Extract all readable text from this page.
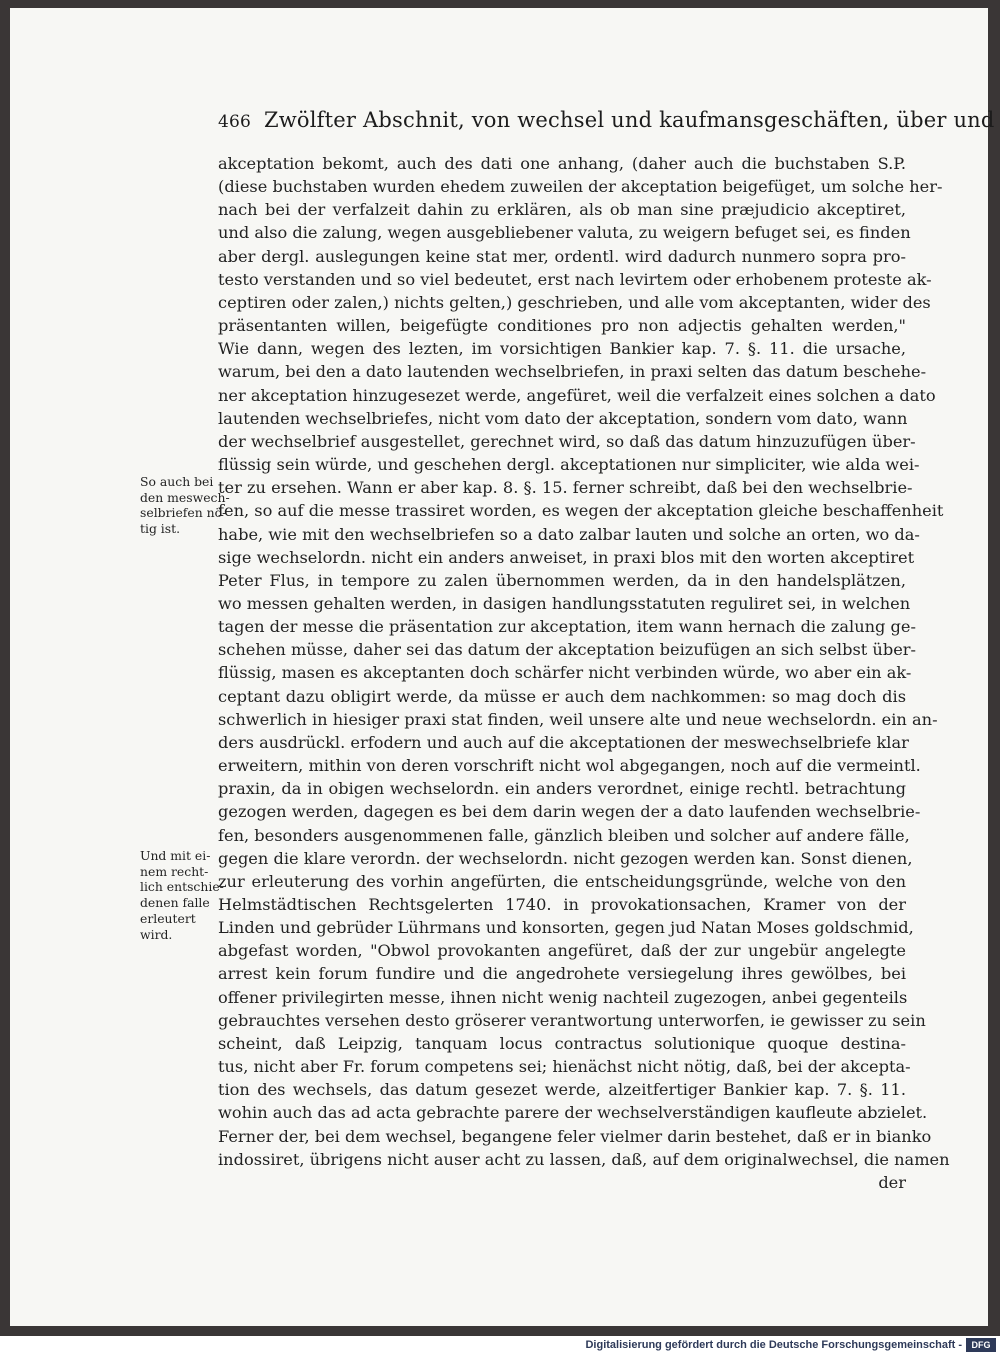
466 Zwölfter Abschnit, von wechsel und kaufmansgeschäften, über und
akceptation bekomt, auch des dati one anhang, (daher auch die buchstaben S.P.
(diese buchstaben wurden ehedem zuweilen der akceptation beigefüget, um solche her-
nach bei der verfalzeit dahin zu erklären, als ob man sine præjudicio akceptiret,
und also die zalung, wegen ausgebliebener valuta, zu weigern befuget sei, es finden
aber dergl. auslegungen keine stat mer, ordentl. wird dadurch nunmero sopra pro-
testo verstanden und so viel bedeutet, erst nach levirtem oder erhobenem proteste ak-
ceptiren oder zalen,) nichts gelten,) geschrieben, und alle vom akceptanten, wider des
präsentanten willen, beigefügte conditiones pro non adjectis gehalten werden,"
Wie dann, wegen des lezten, im vorsichtigen Bankier kap. 7. §. 11. die ursache,
warum, bei den a dato lautenden wechselbriefen, in praxi selten das datum beschehe-
ner akceptation hinzugesezet werde, angefüret, weil die verfalzeit eines solchen a dato
lautenden wechselbriefes, nicht vom dato der akceptation, sondern vom dato, wann
der wechselbrief ausgestellet, gerechnet wird, so daß das datum hinzuzufügen über-
flüssig sein würde, und geschehen dergl. akceptationen nur simpliciter, wie alda wei-
ter zu ersehen. Wann er aber kap. 8. §. 15. ferner schreibt, daß bei den wechselbrie-
fen, so auf die messe trassiret worden, es wegen der akceptation gleiche beschaffenheit
habe, wie mit den wechselbriefen so a dato zalbar lauten und solche an orten, wo da-
sige wechselordn. nicht ein anders anweiset, in praxi blos mit den worten akceptiret
Peter Flus, in tempore zu zalen übernommen werden, da in den handelsplätzen,
wo messen gehalten werden, in dasigen handlungsstatuten reguliret sei, in welchen
tagen der messe die präsentation zur akceptation, item wann hernach die zalung ge-
schehen müsse, daher sei das datum der akceptation beizufügen an sich selbst über-
flüssig, masen es akceptanten doch schärfer nicht verbinden würde, wo aber ein ak-
ceptant dazu obligirt werde, da müsse er auch dem nachkommen: so mag doch dis
schwerlich in hiesiger praxi stat finden, weil unsere alte und neue wechselordn. ein an-
ders ausdrückl. erfodern und auch auf die akceptationen der meswechselbriefe klar
erweitern, mithin von deren vorschrift nicht wol abgegangen, noch auf die vermeintl.
praxin, da in obigen wechselordn. ein anders verordnet, einige rechtl. betrachtung
gezogen werden, dagegen es bei dem darin wegen der a dato laufenden wechselbrie-
fen, besonders ausgenommenen falle, gänzlich bleiben und solcher auf andere fälle,
gegen die klare verordn. der wechselordn. nicht gezogen werden kan. Sonst dienen,
zur erleuterung des vorhin angefürten, die entscheidungsgründe, welche von den
Helmstädtischen Rechtsgelerten 1740. in provokationsachen, Kramer von der
Linden und gebrüder Lührmans und konsorten, gegen jud Natan Moses goldschmid,
abgefast worden, "Obwol provokanten angefüret, daß der zur ungebür angelegte
arrest kein forum fundire und die angedrohete versiegelung ihres gewölbes, bei
offener privilegirten messe, ihnen nicht wenig nachteil zugezogen, anbei gegenteils
gebrauchtes versehen desto gröserer verantwortung unterworfen, ie gewisser zu sein
scheint, daß Leipzig, tanquam locus contractus solutionique quoque destina-
tus, nicht aber Fr. forum competens sei; hienächst nicht nötig, daß, bei der akcepta-
tion des wechsels, das datum gesezet werde, alzeitfertiger Bankier kap. 7. §. 11.
wohin auch das ad acta gebrachte parere der wechselverständigen kaufleute abzielet.
Ferner der, bei dem wechsel, begangene feler vielmer darin bestehet, daß er in bianko
indossiret, übrigens nicht auser acht zu lassen, daß, auf dem originalwechsel, die namen
der
So auch bei
den meswech-
selbriefen nö-
tig ist.
Und mit ei-
nem recht-
lich entschie-
denen falle
erleutert
wird.
Digitalisierung gefördert durch die Deutsche Forschungsgemeinschaft -	DFG
